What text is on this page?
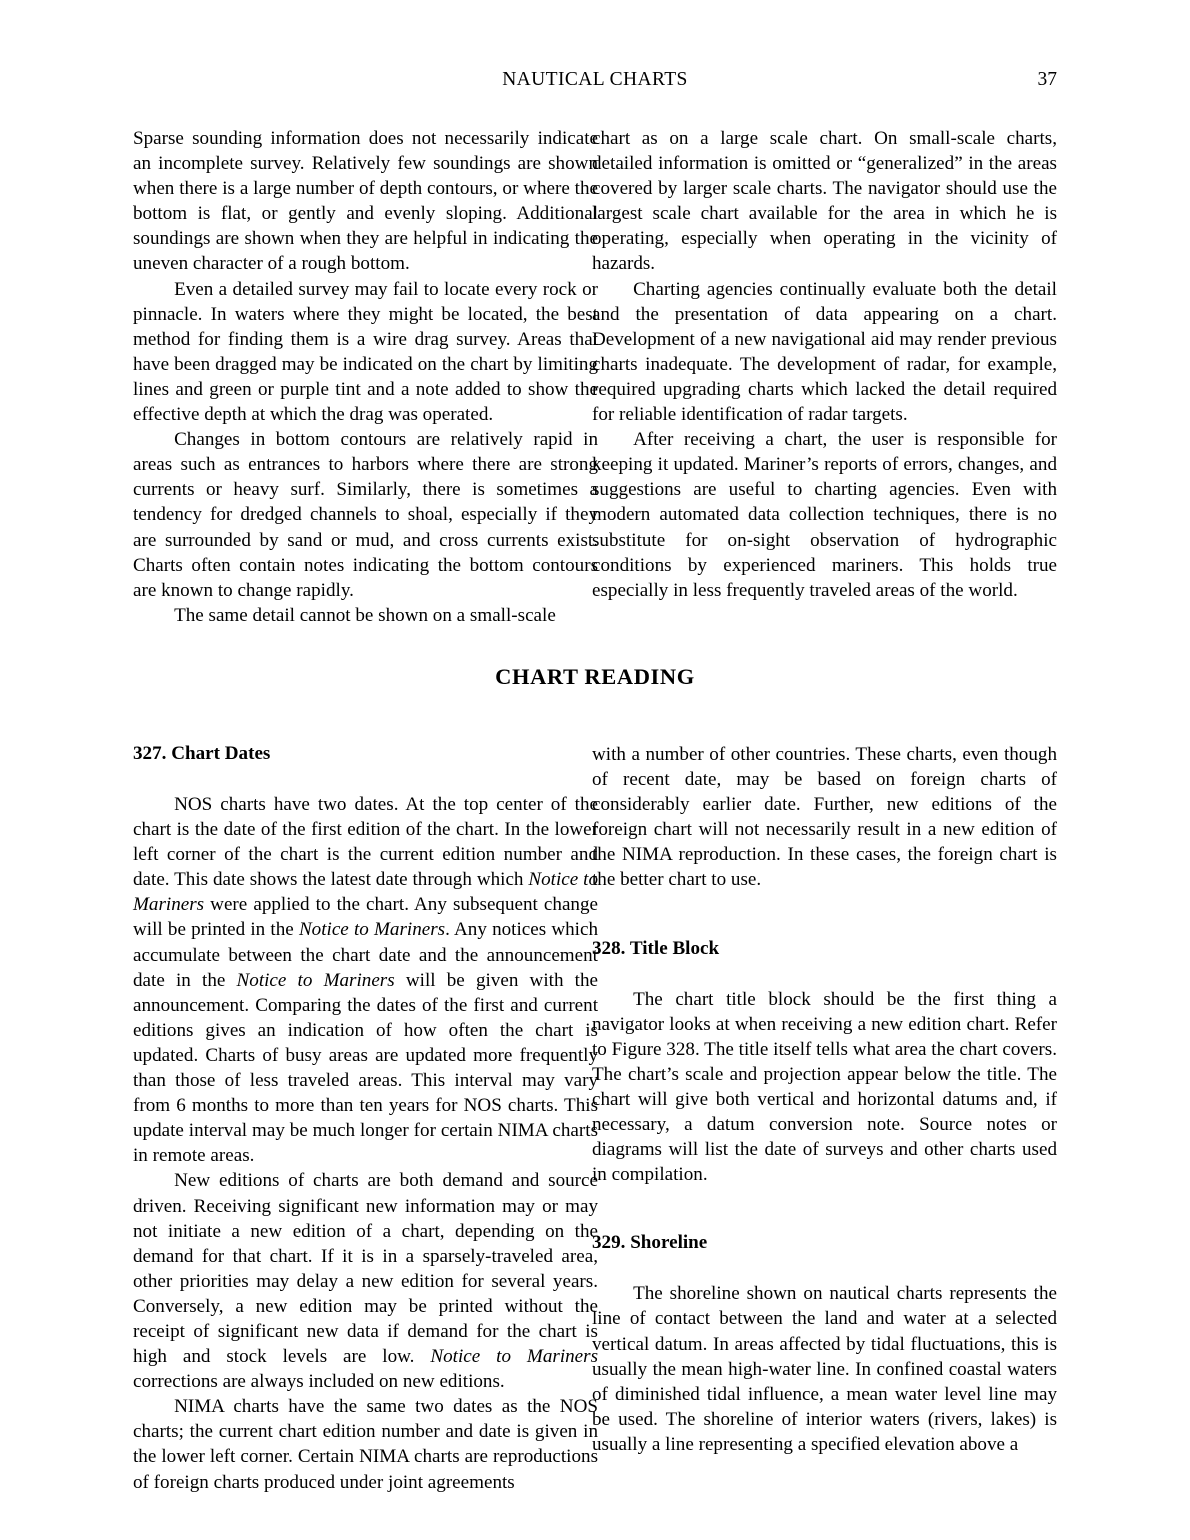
NAUTICAL CHARTS	37

Sparse sounding information does not necessarily indicate an incomplete survey. Relatively few soundings are shown when there is a large number of depth contours, or where the bottom is flat, or gently and evenly sloping. Additional soundings are shown when they are helpful in indicating the uneven character of a rough bottom.

Even a detailed survey may fail to locate every rock or pinnacle. In waters where they might be located, the best method for finding them is a wire drag survey. Areas that have been dragged may be indicated on the chart by limiting lines and green or purple tint and a note added to show the effective depth at which the drag was operated.

Changes in bottom contours are relatively rapid in areas such as entrances to harbors where there are strong currents or heavy surf. Similarly, there is sometimes a tendency for dredged channels to shoal, especially if they are surrounded by sand or mud, and cross currents exist. Charts often contain notes indicating the bottom contours are known to change rapidly.

The same detail cannot be shown on a small-scale

chart as on a large scale chart. On small-scale charts, detailed information is omitted or “generalized” in the areas covered by larger scale charts. The navigator should use the largest scale chart available for the area in which he is operating, especially when operating in the vicinity of hazards.

Charting agencies continually evaluate both the detail and the presentation of data appearing on a chart. Development of a new navigational aid may render previous charts inadequate. The development of radar, for example, required upgrading charts which lacked the detail required for reliable identification of radar targets.

After receiving a chart, the user is responsible for keeping it updated. Mariner’s reports of errors, changes, and suggestions are useful to charting agencies. Even with modern automated data collection techniques, there is no substitute for on-sight observation of hydrographic conditions by experienced mariners. This holds true especially in less frequently traveled areas of the world.

CHART READING
327. Chart Dates

NOS charts have two dates. At the top center of the chart is the date of the first edition of the chart. In the lower left corner of the chart is the current edition number and date. This date shows the latest date through which Notice to Mariners were applied to the chart. Any subsequent change will be printed in the Notice to Mariners. Any notices which accumulate between the chart date and the announcement date in the Notice to Mariners will be given with the announcement. Comparing the dates of the first and current editions gives an indication of how often the chart is updated. Charts of busy areas are updated more frequently than those of less traveled areas. This interval may vary from 6 months to more than ten years for NOS charts. This update interval may be much longer for certain NIMA charts in remote areas.

New editions of charts are both demand and source driven. Receiving significant new information may or may not initiate a new edition of a chart, depending on the demand for that chart. If it is in a sparsely-traveled area, other priorities may delay a new edition for several years. Conversely, a new edition may be printed without the receipt of significant new data if demand for the chart is high and stock levels are low. Notice to Mariners corrections are always included on new editions.

NIMA charts have the same two dates as the NOS charts; the current chart edition number and date is given in the lower left corner. Certain NIMA charts are reproductions of foreign charts produced under joint agreements

with a number of other countries. These charts, even though of recent date, may be based on foreign charts of considerably earlier date. Further, new editions of the foreign chart will not necessarily result in a new edition of the NIMA reproduction. In these cases, the foreign chart is the better chart to use.

328. Title Block

The chart title block should be the first thing a navigator looks at when receiving a new edition chart. Refer to Figure 328. The title itself tells what area the chart covers. The chart’s scale and projection appear below the title. The chart will give both vertical and horizontal datums and, if necessary, a datum conversion note. Source notes or diagrams will list the date of surveys and other charts used in compilation.

329. Shoreline

The shoreline shown on nautical charts represents the line of contact between the land and water at a selected vertical datum. In areas affected by tidal fluctuations, this is usually the mean high-water line. In confined coastal waters of diminished tidal influence, a mean water level line may be used. The shoreline of interior waters (rivers, lakes) is usually a line representing a specified elevation above a
